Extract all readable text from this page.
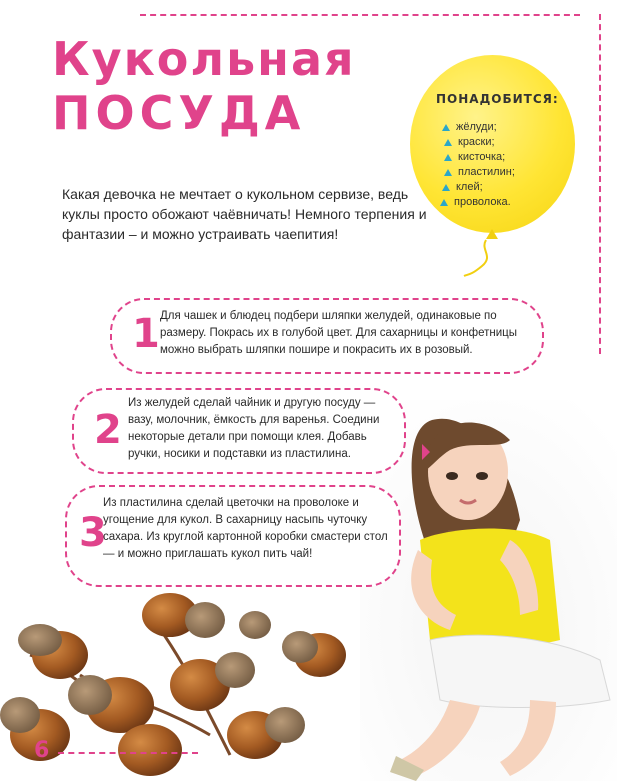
Кукольная
ПОСУДА

Какая девочка не мечтает о кукольном сервизе, ведь куклы просто обожают чаёвничать! Немного терпения и фантазии – и можно устраивать чаепития!

ПОНАДОБИТСЯ:
жёлуди;
краски;
кисточка;
пластилин;
клей;
проволока.
1 Для чашек и блюдец подбери шляпки желудей, одинаковые по размеру. Покрась их в голубой цвет. Для сахарницы и конфетницы можно выбрать шляпки пошире и покрасить их в розовый.

2

Из желудей сделай чайник и другую посуду — вазу, молочник, ёмкость для варенья. Соедини некоторые детали при помощи клея. Добавь ручки, носики и подставки из пластилина.

3

Из пластилина сделай цветочки на проволоке и угощение для кукол. В сахарницу насыпь чуточку сахара. Из круглой картонной коробки смастери стол — и можно приглашать кукол пить чай!

6
